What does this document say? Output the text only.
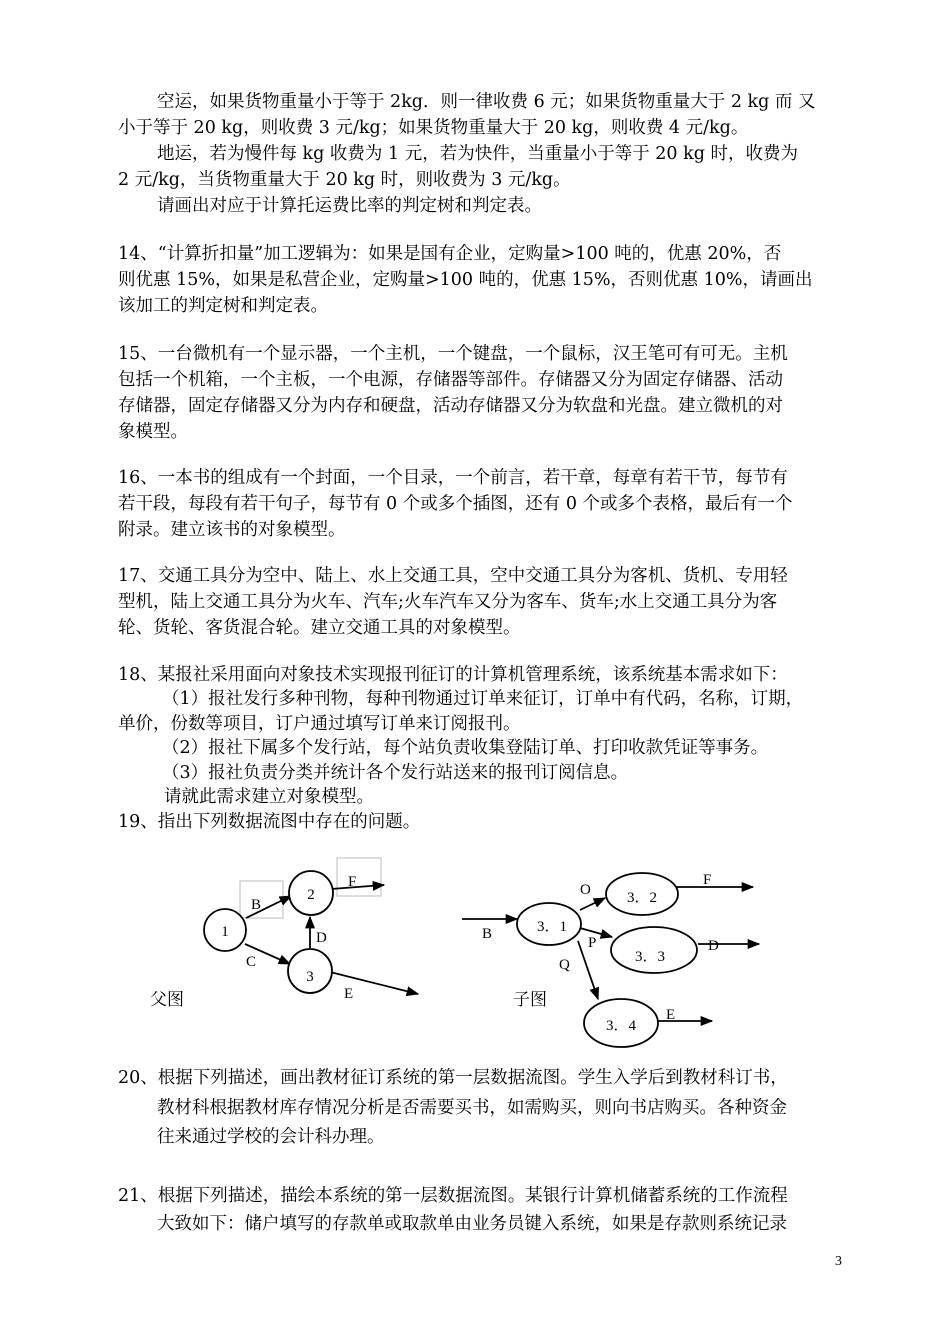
空运，如果货物重量小于等于 2kg．则一律收费 6 元；如果货物重量大于 2 kg 而 又
小于等于 20 kg，则收费 3 元/kg；如果货物重量大于 20 kg，则收费 4 元/kg。
地运，若为慢件每 kg 收费为 1 元，若为快件，当重量小于等于 20 kg 时，收费为
2 元/kg，当货物重量大于 20 kg 时，则收费为 3 元/kg。
请画出对应于计算托运费比率的判定树和判定表。
14、“计算折扣量”加工逻辑为：如果是国有企业，定购量>100 吨的，优惠 20%，否
则优惠 15%，如果是私营企业，定购量>100 吨的，优惠 15%，否则优惠 10%，请画出
该加工的判定树和判定表。
15、一台微机有一个显示器，一个主机，一个键盘，一个鼠标，汉王笔可有可无。主机
包括一个机箱，一个主板，一个电源，存储器等部件。存储器又分为固定存储器、活动
存储器，固定存储器又分为内存和硬盘，活动存储器又分为软盘和光盘。建立微机的对
象模型。
16、一本书的组成有一个封面，一个目录，一个前言，若干章，每章有若干节，每节有
若干段，每段有若干句子，每节有 0 个或多个插图，还有 0 个或多个表格，最后有一个
附录。建立该书的对象模型。
17、交通工具分为空中、陆上、水上交通工具，空中交通工具分为客机、货机、专用轻
型机，陆上交通工具分为火车、汽车;火车汽车又分为客车、货车;水上交通工具分为客
轮、货轮、客货混合轮。建立交通工具的对象模型。
18、某报社采用面向对象技术实现报刊征订的计算机管理系统，该系统基本需求如下：
（1）报社发行多种刊物，每种刊物通过订单来征订，订单中有代码，名称，订期，
单价，份数等项目，订户通过填写订单来订阅报刊。
（2）报社下属多个发行站，每个站负责收集登陆订单、打印收款凭证等事务。
（3）报社负责分类并统计各个发行站送来的报刊订阅信息。
请就此需求建立对象模型。
19、指出下列数据流图中存在的问题。
1
2
3
B
C
D
F
E
父图
3．1
3．2
3．3
3．4
B
O
P
Q
F
D
E
子图
20、根据下列描述，画出教材征订系统的第一层数据流图。学生入学后到教材科订书，
教材科根据教材库存情况分析是否需要买书，如需购买，则向书店购买。各种资金
往来通过学校的会计科办理。
21、根据下列描述，描绘本系统的第一层数据流图。某银行计算机储蓄系统的工作流程
大致如下：储户填写的存款单或取款单由业务员键入系统，如果是存款则系统记录
3
